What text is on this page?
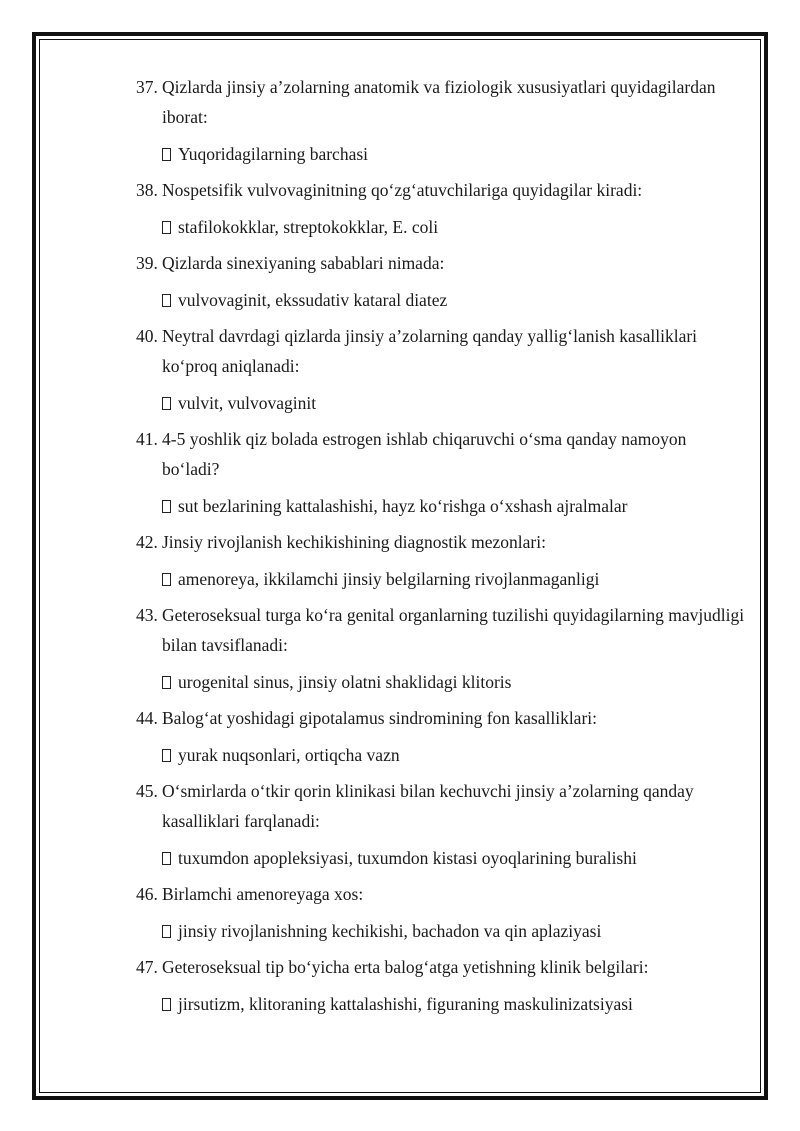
37. Qizlarda jinsiy a’zolarning anatomik va fiziologik xususiyatlari quyidagilardan iborat:
Yuqoridagilarning barchasi
38. Nospetsifik vulvovaginitning qo‘zg‘atuvchilariga quyidagilar kiradi:
stafilokokklar, streptokokklar, E. coli
39. Qizlarda sinexiyaning sabablari nimada:
vulvovaginit, ekssudativ kataral diatez
40. Neytral davrdagi qizlarda jinsiy a’zolarning qanday yallig‘lanish kasalliklari ko‘proq aniqlanadi:
vulvit, vulvovaginit
41. 4-5 yoshlik qiz bolada estrogen ishlab chiqaruvchi o‘sma qanday namoyon bo‘ladi?
sut bezlarining kattalashishi, hayz ko‘rishga o‘xshash ajralmalar
42. Jinsiy rivojlanish kechikishining diagnostik mezonlari:
amenoreya, ikkilamchi jinsiy belgilarning rivojlanmaganligi
43. Geteroseksual turga ko‘ra genital organlarning tuzilishi quyidagilarning mavjudligi bilan tavsiflanadi:
urogenital sinus, jinsiy olatni shaklidagi klitoris
44. Balog‘at yoshidagi gipotalamus sindromining fon kasalliklari:
yurak nuqsonlari, ortiqcha vazn
45. O‘smirlarda o‘tkir qorin klinikasi bilan kechuvchi jinsiy a’zolarning qanday kasalliklari farqlanadi:
tuxumdon apopleksiyasi, tuxumdon kistasi oyoqlarining buralishi
46. Birlamchi amenoreyaga xos:
jinsiy rivojlanishning kechikishi, bachadon va qin aplaziyasi
47. Geteroseksual tip bo‘yicha erta balog‘atga yetishning klinik belgilari:
jirsutizm, klitoraning kattalashishi, figuraning maskulinizatsiyasi
